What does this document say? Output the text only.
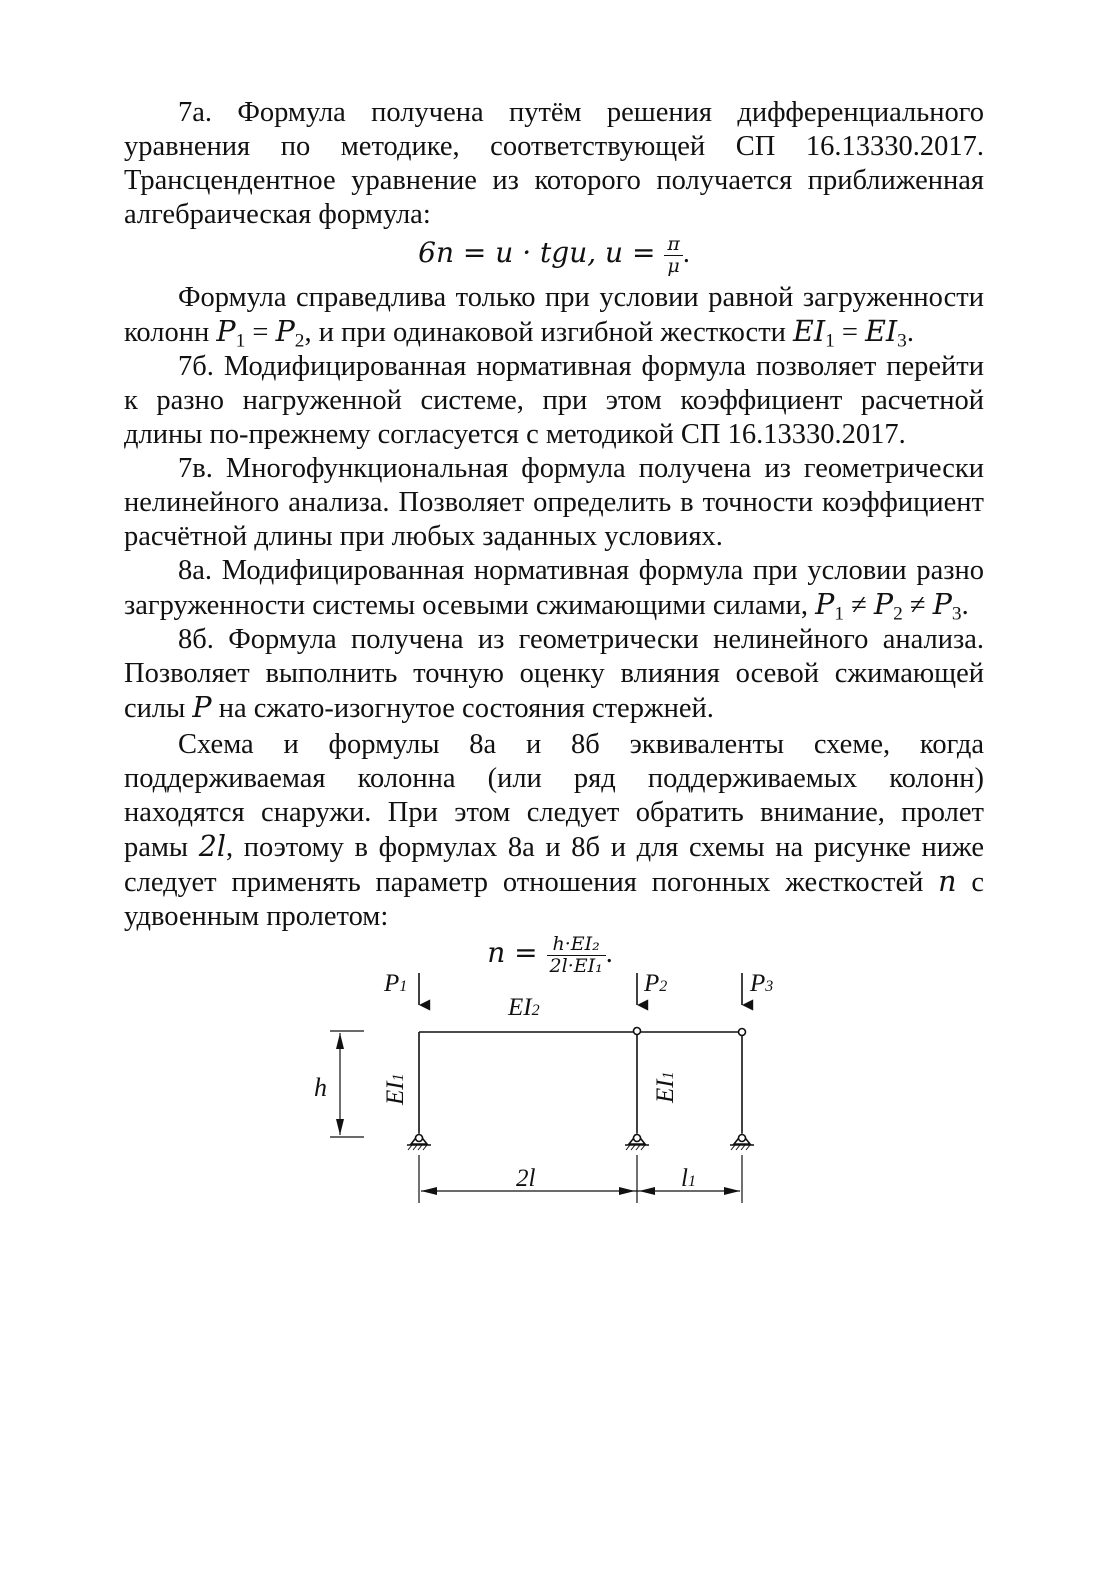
7а. Формула получена путём решения дифференциального уравнения по методике, соответствующей СП 16.13330.2017. Трансцендентное уравнение из которого получается приближенная алгебраическая формула:

6n = u · tgu, $u = \frac{\pi}{\mu}$ .

Формула справедлива только при условии равной загруженности колонн $P_1 = P_2$, и при одинаковой изгибной жесткости $EI_1 = EI_3$.

7б. Модифицированная нормативная формула позволяет перейти к разно нагруженной системе, при этом коэффициент расчетной длины по-прежнему согласуется с методикой СП 16.13330.2017.

7в. Многофункциональная формула получена из геометрически нелинейного анализа. Позволяет определить в точности коэффициент расчётной длины при любых заданных условиях.

8а. Модифицированная нормативная формула при условии разно загруженности системы осевыми сжимающими силами, $P_1 \ne P_2 \ne P_3$.

8б. Формула получена из геометрически нелинейного анализа. Позволяет выполнить точную оценку влияния осевой сжимающей силы P на сжато-изогнутое состояния стержней.

Схема и формулы 8а и 8б эквиваленты схеме, когда поддерживаемая колонна (или ряд поддерживаемых колонн) находятся снаружи. При этом следует обратить внимание, пролет рамы 2l, поэтому в формулах 8а и 8б и для схемы на рисунке ниже следует применять параметр отношения погонных жесткостей n с удвоенным пролетом:

$n = \frac{\text{h·EI₂}}{\text{2l·EI₁}}$ .
P1	P2	P3
EI2
h EI1
EI1
2l	l1
